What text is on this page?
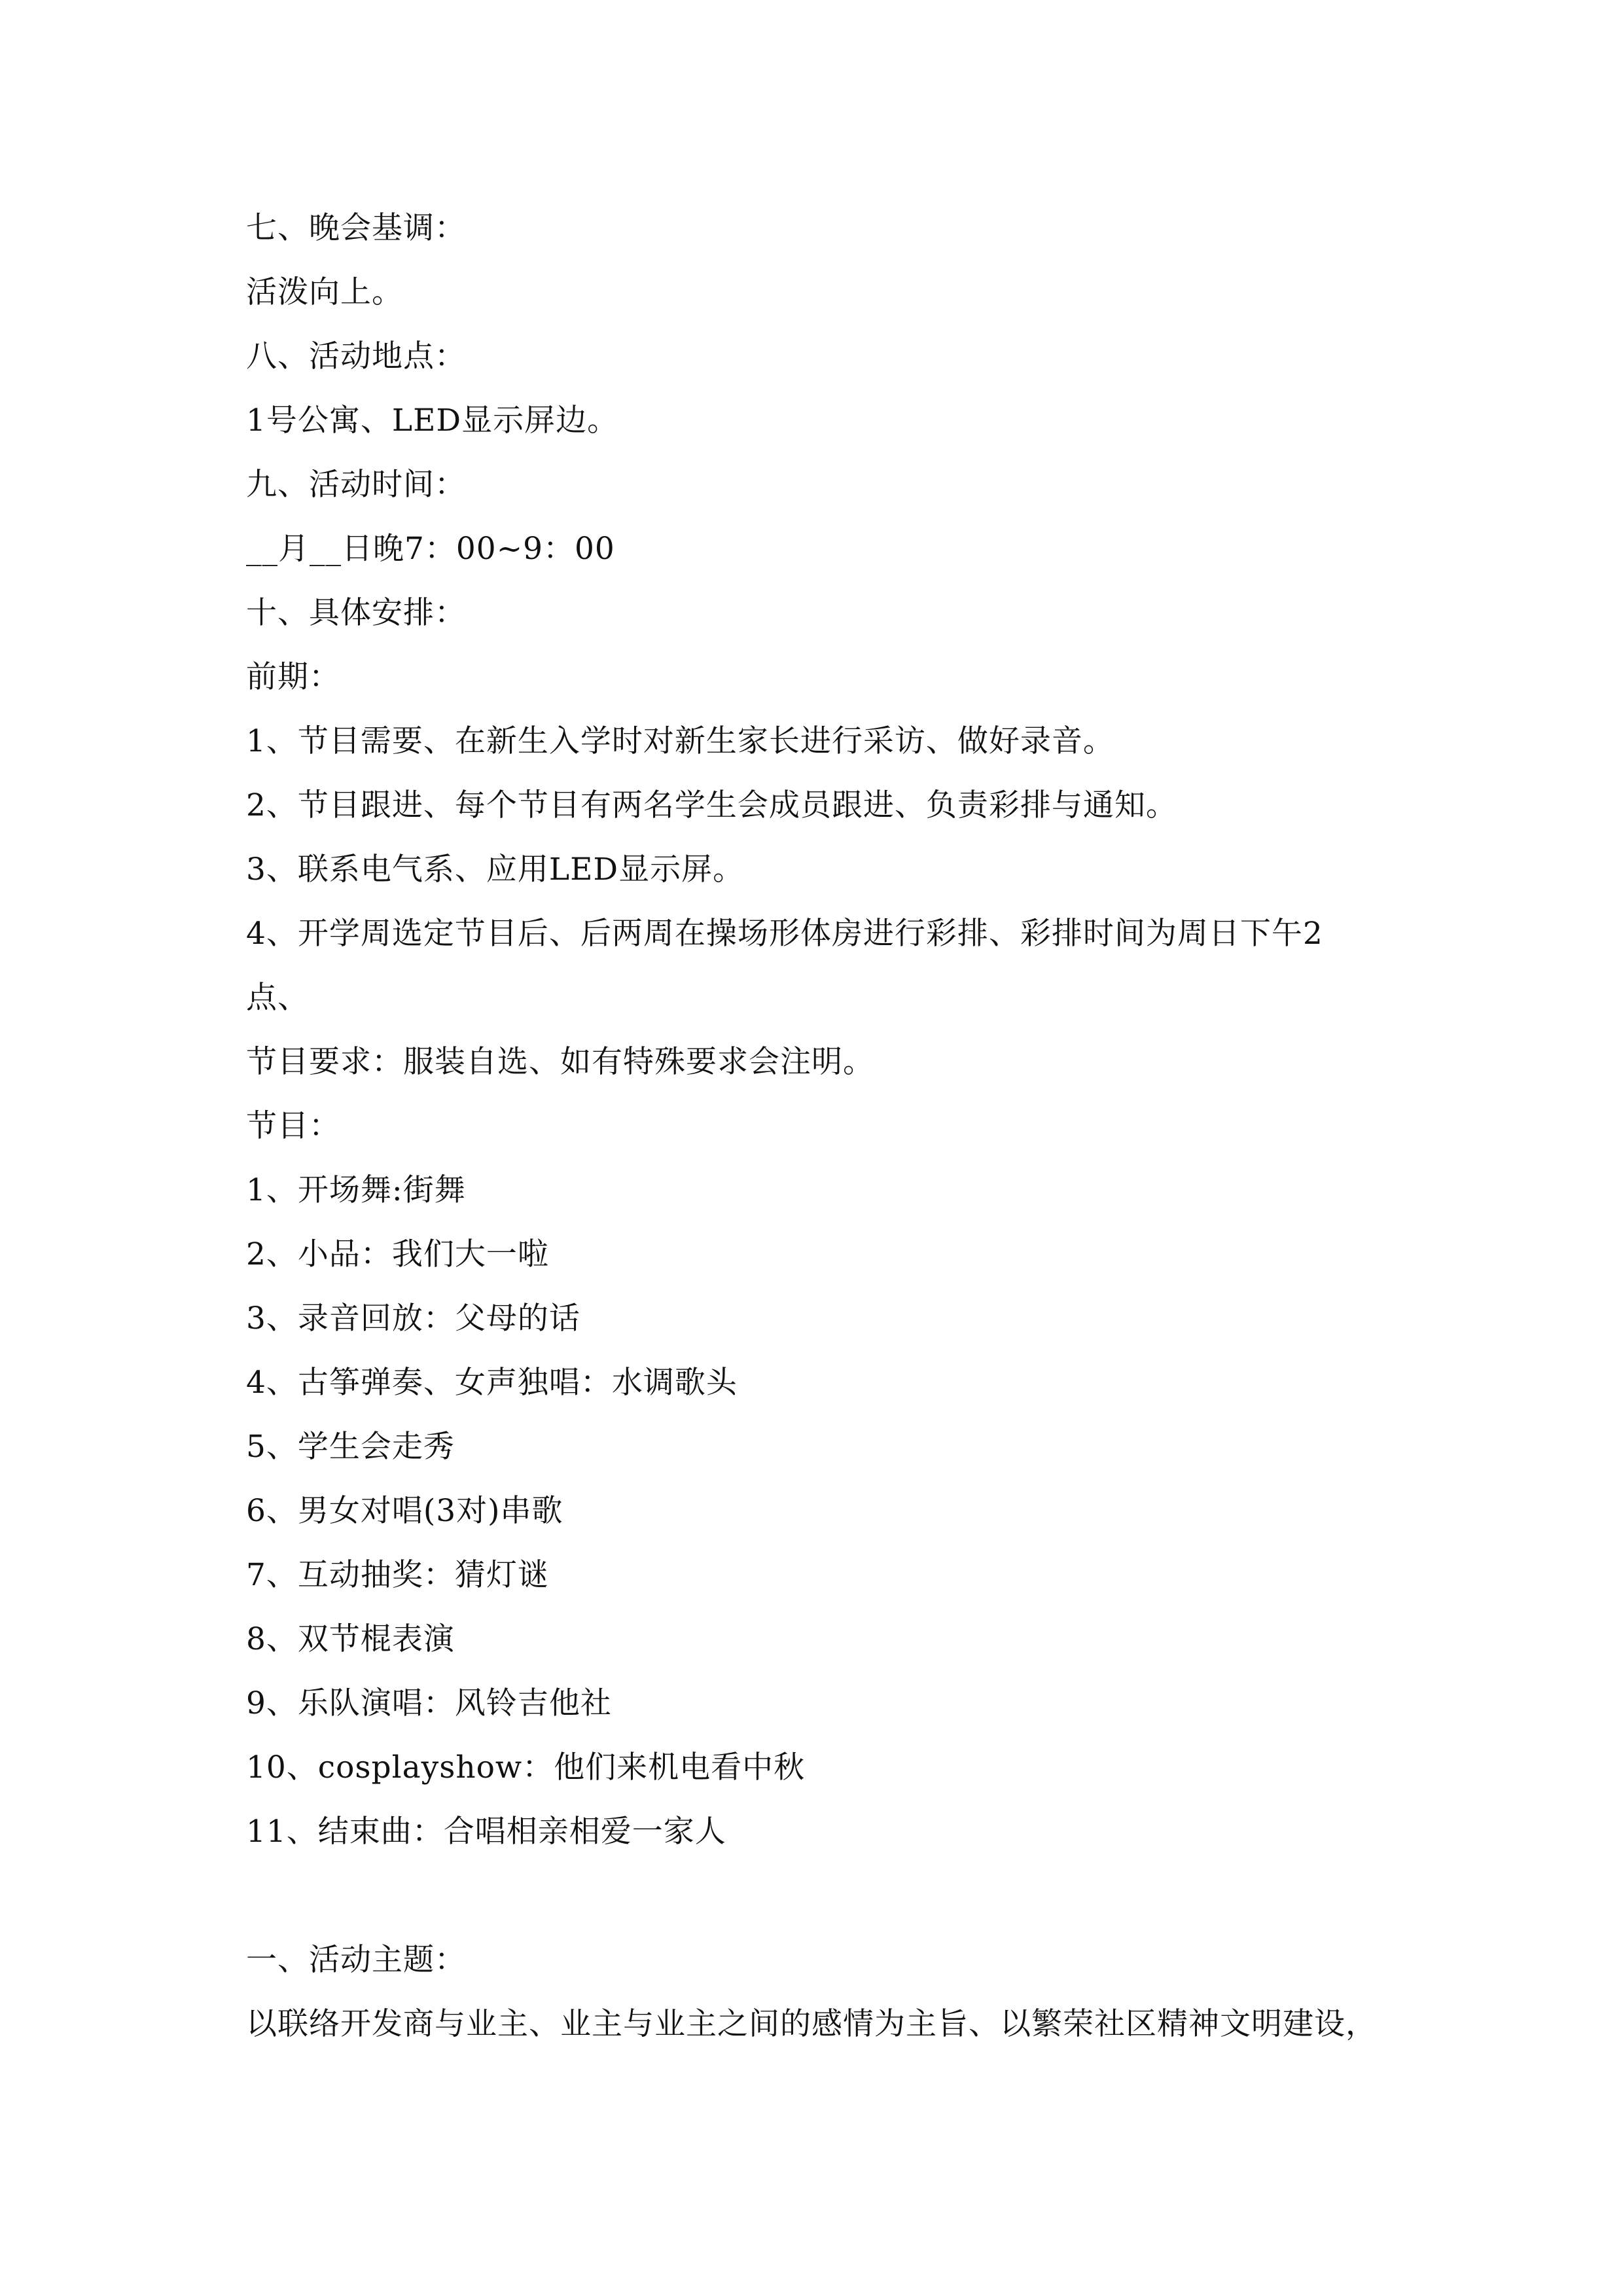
七、晚会基调：
活泼向上。
八、活动地点：
1号公寓、LED显示屏边。
九、活动时间：
__月__日晚7：00~9：00
十、具体安排：
前期：
1、节目需要、在新生入学时对新生家长进行采访、做好录音。
2、节目跟进、每个节目有两名学生会成员跟进、负责彩排与通知。
3、联系电气系、应用LED显示屏。
4、开学周选定节目后、后两周在操场形体房进行彩排、彩排时间为周日下午2
点、
节目要求：服装自选、如有特殊要求会注明。
节目：
1、开场舞:街舞
2、小品：我们大一啦
3、录音回放：父母的话
4、古筝弹奏、女声独唱：水调歌头
5、学生会走秀
6、男女对唱(3对)串歌
7、互动抽奖：猜灯谜
8、双节棍表演
9、乐队演唱：风铃吉他社
10、cosplayshow：他们来机电看中秋
11、结束曲：合唱相亲相爱一家人
一、活动主题：
以联络开发商与业主、业主与业主之间的感情为主旨、以繁荣社区精神文明建设，
